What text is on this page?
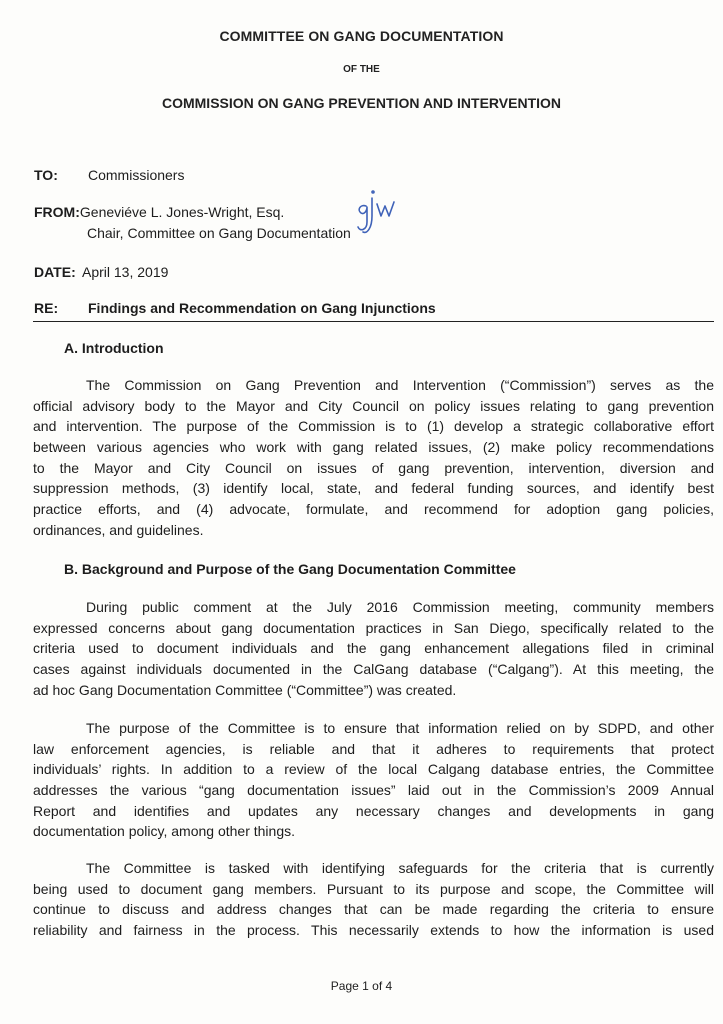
COMMITTEE ON GANG DOCUMENTATION
OF THE
COMMISSION ON GANG PREVENTION AND INTERVENTION
TO: Commissioners
FROM:Geneviéve L. Jones-Wright, Esq.
Chair, Committee on Gang Documentation
DATE: April 13, 2019
RE: Findings and Recommendation on Gang Injunctions
A. Introduction
The Commission on Gang Prevention and Intervention (“Commission”) serves as the
official advisory body to the Mayor and City Council on policy issues relating to gang prevention
and intervention. The purpose of the Commission is to (1) develop a strategic collaborative effort
between various agencies who work with gang related issues, (2) make policy recommendations
to the Mayor and City Council on issues of gang prevention, intervention, diversion and
suppression methods, (3) identify local, state, and federal funding sources, and identify best
practice efforts, and (4) advocate, formulate, and recommend for adoption gang policies,
ordinances, and guidelines.
B. Background and Purpose of the Gang Documentation Committee
During public comment at the July 2016 Commission meeting, community members
expressed concerns about gang documentation practices in San Diego, specifically related to the
criteria used to document individuals and the gang enhancement allegations filed in criminal
cases against individuals documented in the CalGang database (“Calgang”). At this meeting, the
ad hoc Gang Documentation Committee (“Committee”) was created.
The purpose of the Committee is to ensure that information relied on by SDPD, and other
law enforcement agencies, is reliable and that it adheres to requirements that protect
individuals’ rights. In addition to a review of the local Calgang database entries, the Committee
addresses the various “gang documentation issues” laid out in the Commission’s 2009 Annual
Report and identifies and updates any necessary changes and developments in gang
documentation policy, among other things.
The Committee is tasked with identifying safeguards for the criteria that is currently
being used to document gang members. Pursuant to its purpose and scope, the Committee will
continue to discuss and address changes that can be made regarding the criteria to ensure
reliability and fairness in the process. This necessarily extends to how the information is used
Page 1 of 4
